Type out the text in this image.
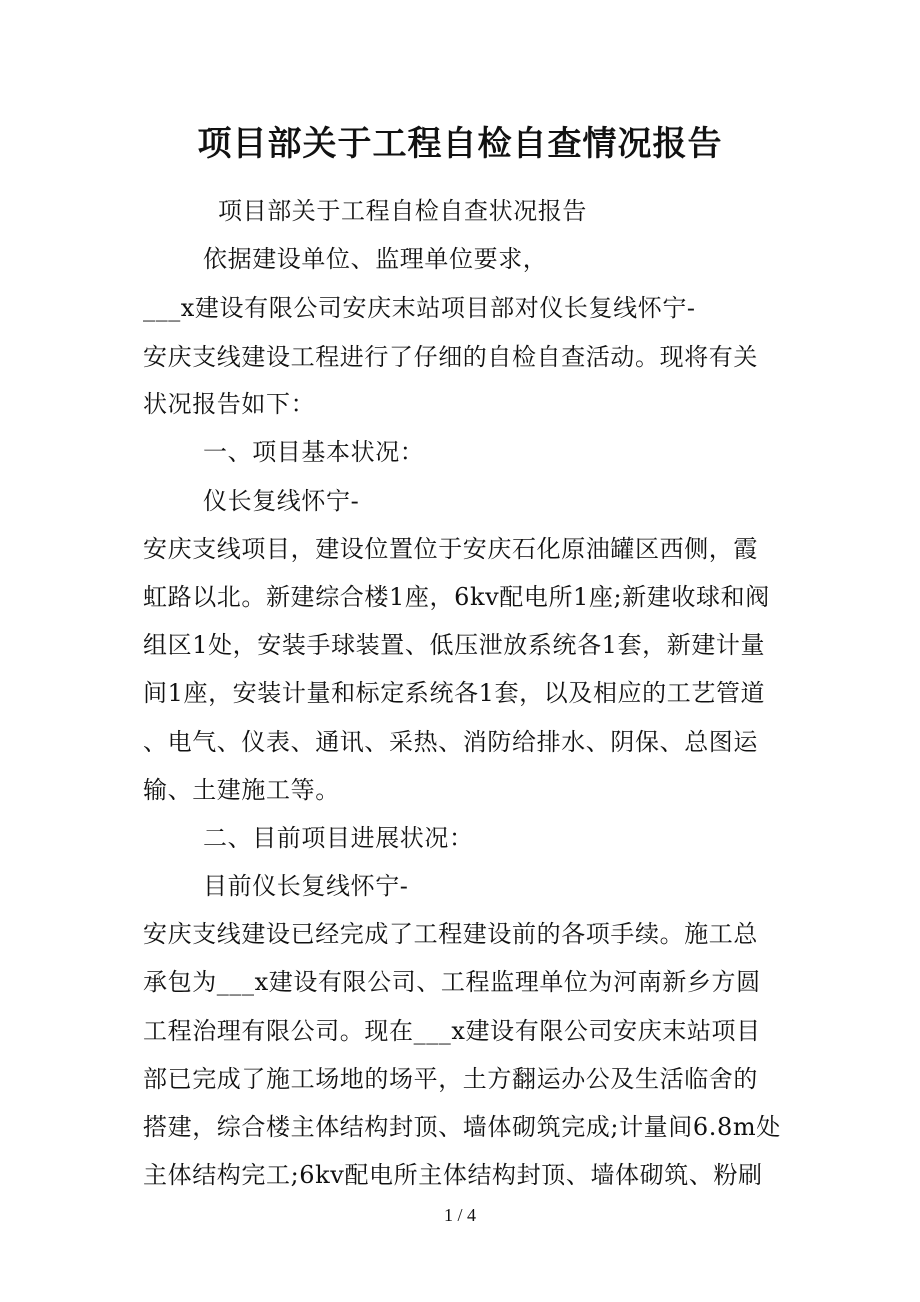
项目部关于工程自检自查情况报告
项目部关于工程自检自查状况报告
依据建设单位、监理单位要求，
___x建设有限公司安庆末站项目部对仪长复线怀宁-
安庆支线建设工程进行了仔细的自检自查活动。现将有关
状况报告如下：
一、项目基本状况：
仪长复线怀宁-
安庆支线项目，建设位置位于安庆石化原油罐区西侧，霞
虹路以北。新建综合楼1座，6kv配电所1座;新建收球和阀
组区1处，安装手球装置、低压泄放系统各1套，新建计量
间1座，安装计量和标定系统各1套，以及相应的工艺管道
、电气、仪表、通讯、采热、消防给排水、阴保、总图运
输、土建施工等。
二、目前项目进展状况：
目前仪长复线怀宁-
安庆支线建设已经完成了工程建设前的各项手续。施工总
承包为___x建设有限公司、工程监理单位为河南新乡方圆
工程治理有限公司。现在___x建设有限公司安庆末站项目
部已完成了施工场地的场平，土方翻运办公及生活临舍的
搭建，综合楼主体结构封顶、墙体砌筑完成;计量间6.8m处
主体结构完工;6kv配电所主体结构封顶、墙体砌筑、粉刷
1 / 4
